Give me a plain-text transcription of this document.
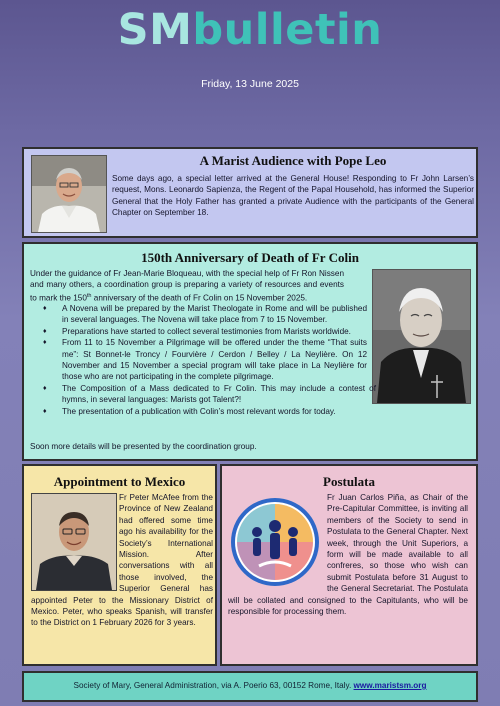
SMbulletin
Friday, 13 June 2025
A Marist Audience with Pope Leo
Some days ago, a special letter arrived at the General House! Responding to Fr John Larsen’s request, Mons. Leonardo Sapienza, the Regent of the Papal Household, has informed the Superior General that the Holy Father has granted a private Audience with the participants of the General Chapter on September 18.
150th Anniversary of Death of Fr Colin
Under the guidance of Fr Jean-Marie Bloqueau, with the special help of Fr Ron Nissen and many others, a coordination group is preparing a variety of resources and events to mark the 150th anniversary of the death of Fr Colin on 15 November 2025.
♦ A Novena will be prepared by the Marist Theologate in Rome and will be published in several languages. The Novena will take place from 7 to 15 November.
♦ Preparations have started to collect several testimonies from Marists worldwide.
♦ From 11 to 15 November a Pilgrimage will be offered under the theme “That suits me”: St Bonnet-le Troncy / Fourvière / Cerdon / Belley / La Neylière. On 12 November and 15 November a special program will take place in La Neylière for those who are not participating in the complete pilgrimage.
♦ The Composition of a Mass dedicated to Fr Colin. This may include a contest of hymns, in several languages: Marists got Talent?!
♦ The presentation of a publication with Colin’s most relevant words for today.
Soon more details will be presented by the coordination group.
Appointment to Mexico
Fr Peter McAfee from the Province of New Zealand had offered some time ago his availability for the Society’s International Mission. After conversations with all those involved, the Superior General has appointed Peter to the Missionary District of Mexico. Peter, who speaks Spanish, will transfer to the District on 1 February 2026 for 3 years.
Postulata
Fr Juan Carlos Piña, as Chair of the Pre-Capitular Committee, is inviting all members of the Society to send in Postulata to the General Chapter. Next week, through the Unit Superiors, a form will be made available to all confreres, so those who wish can submit Postulata before 31 August to the General Secretariat. The Postulata will be collated and consigned to the Capitulants, who will be responsible for processing them.
Society of Mary, General Administration, via A. Poerio 63, 00152 Rome, Italy. www.maristsm.org
